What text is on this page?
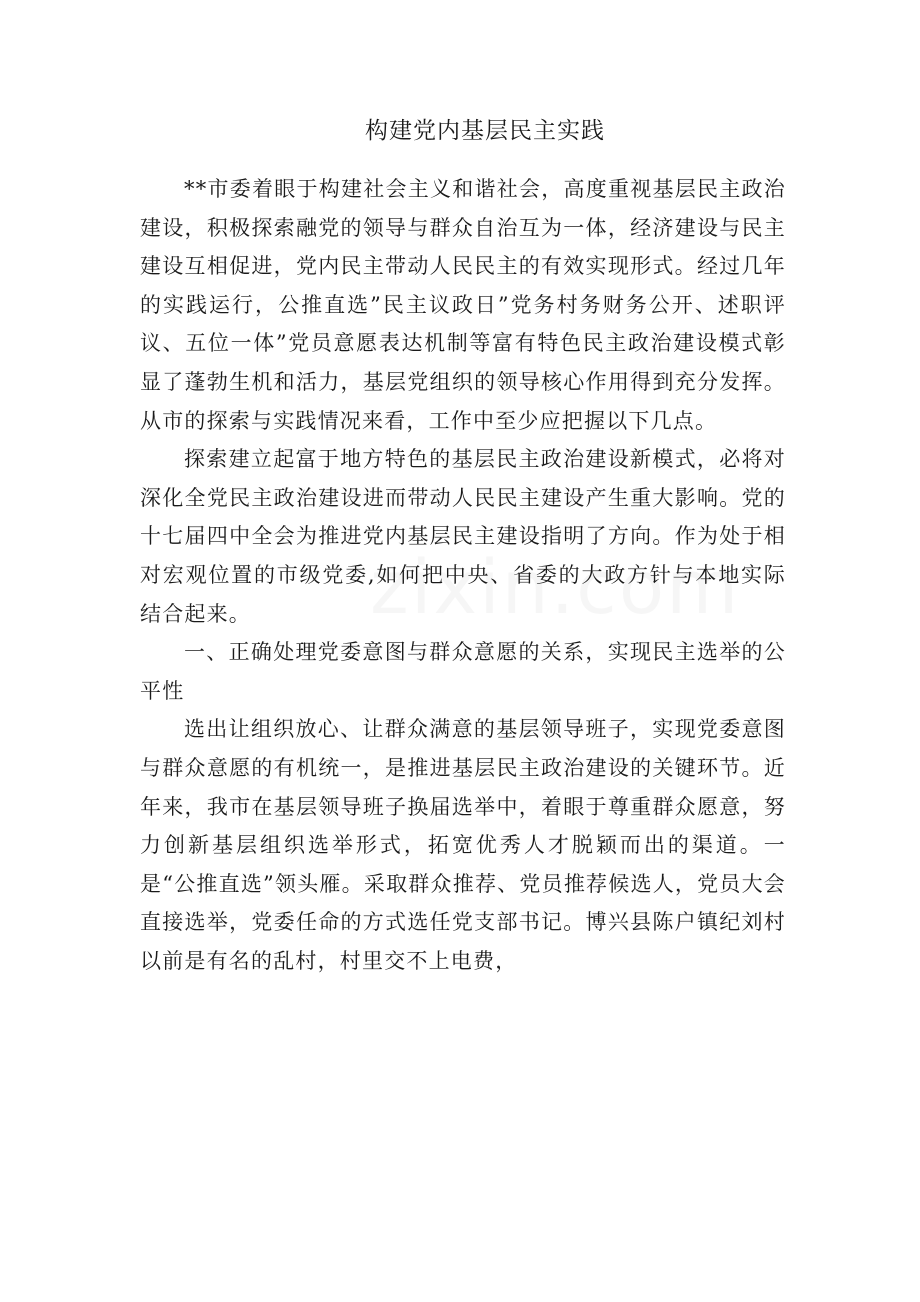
构建党内基层民主实践

**市委着眼于构建社会主义和谐社会，高度重视基层民主政治建设，积极探索融党的领导与群众自治互为一体，经济建设与民主建设互相促进，党内民主带动人民民主的有效实现形式。经过几年的实践运行，公推直选”民主议政日”党务村务财务公开、述职评议、五位一体”党员意愿表达机制等富有特色民主政治建设模式彰显了蓬勃生机和活力，基层党组织的领导核心作用得到充分发挥。从市的探索与实践情况来看，工作中至少应把握以下几点。

探索建立起富于地方特色的基层民主政治建设新模式，必将对深化全党民主政治建设进而带动人民民主建设产生重大影响。党的十七届四中全会为推进党内基层民主建设指明了方向。作为处于相对宏观位置的市级党委,如何把中央、省委的大政方针与本地实际结合起来。

一、正确处理党委意图与群众意愿的关系，实现民主选举的公平性

选出让组织放心、让群众满意的基层领导班子，实现党委意图与群众意愿的有机统一，是推进基层民主政治建设的关键环节。近年来，我市在基层领导班子换届选举中，着眼于尊重群众愿意，努力创新基层组织选举形式，拓宽优秀人才脱颖而出的渠道。一是“公推直选”领头雁。采取群众推荐、党员推荐候选人，党员大会直接选举，党委任命的方式选任党支部书记。博兴县陈户镇纪刘村以前是有名的乱村，村里交不上电费，
